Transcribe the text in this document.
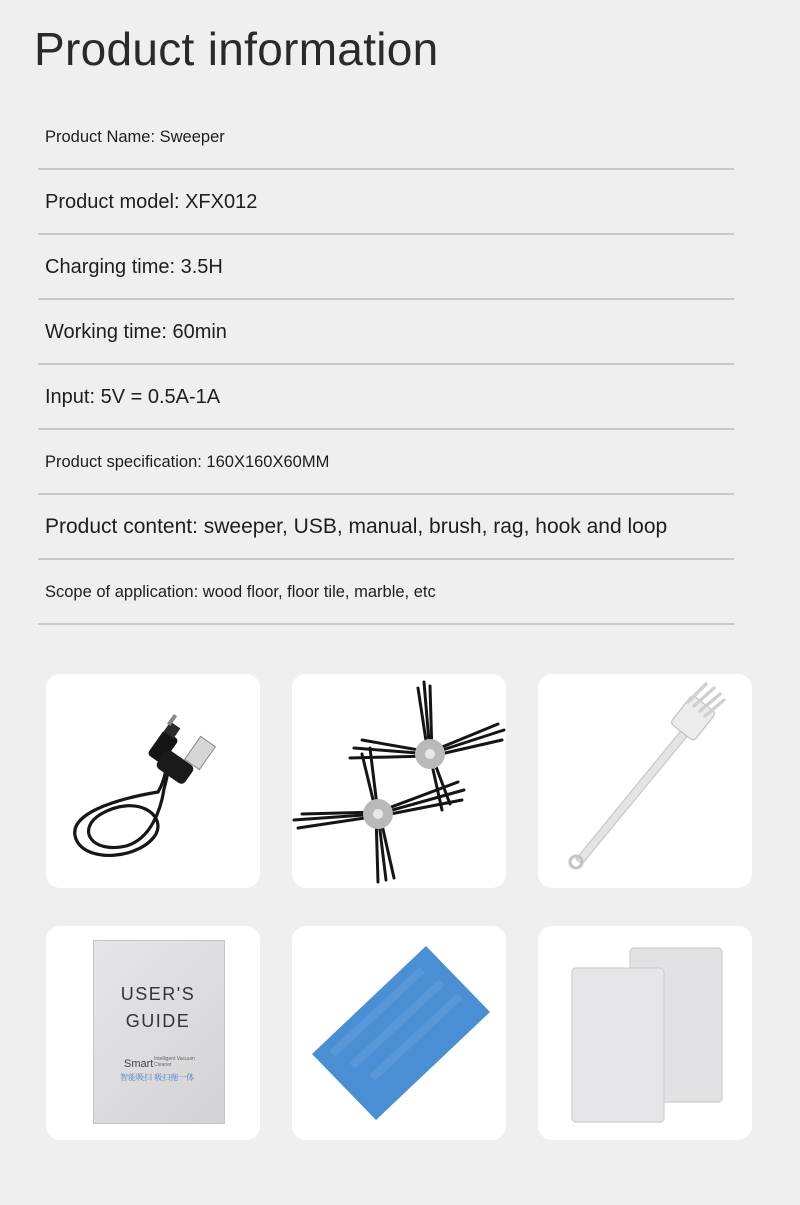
Product information
Product Name: Sweeper
Product model: XFX012
Charging time: 3.5H
Working time: 60min
Input: 5V = 0.5A-1A
Product specification: 160X160X60MM
Product content: sweeper, USB, manual, brush, rag, hook and loop
Scope of application: wood floor, floor tile, marble, etc
USER'S
GUIDE
Smart Intelligent Vacuum Cleaner
智能吸扫 吸扫拖一体
